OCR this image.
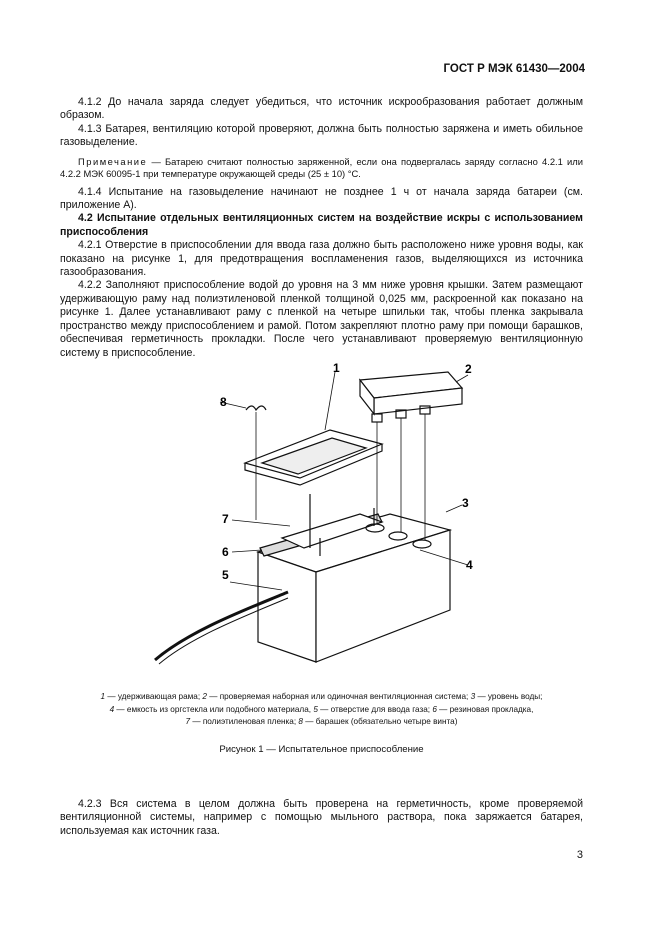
ГОСТ Р МЭК 61430—2004

4.1.2 До начала заряда следует убедиться, что источник искрообразования работает должным образом.

4.1.3 Батарея, вентиляцию которой проверяют, должна быть полностью заряжена и иметь обильное газовыделение.

Примечание — Батарею считают полностью заряженной, если она подвергалась заряду согласно 4.2.1 или 4.2.2 МЭК 60095-1 при температуре окружающей среды (25 ± 10) °С.

4.1.4 Испытание на газовыделение начинают не позднее 1 ч от начала заряда батареи (см. приложение А).

4.2 Испытание отдельных вентиляционных систем на воздействие искры с использованием приспособления

4.2.1 Отверстие в приспособлении для ввода газа должно быть расположено ниже уровня воды, как показано на рисунке 1, для предотвращения воспламенения газов, выделяющихся из источника газообразования.

4.2.2 Заполняют приспособление водой до уровня на 3 мм ниже уровня крышки. Затем размещают удерживающую раму над полиэтиленовой пленкой толщиной 0,025 мм, раскроенной как показано на рисунке 1. Далее устанавливают раму с пленкой на четыре шпильки так, чтобы пленка закрывала пространство между приспособлением и рамой. Потом закрепляют плотно раму при помощи барашков, обеспечивая герметичность прокладки. После чего устанавливают проверяемую вентиляционную систему в приспособление.

1	2
3
4
5
6
7
8
1 — удерживающая рама; 2 — проверяемая наборная или одиночная вентиляционная система; 3 — уровень воды;
4 — емкость из оргстекла или подобного материала, 5 — отверстие для ввода газа; 6 — резиновая прокладка,
7 — полиэтиленовая пленка; 8 — барашек (обязательно четыре винта)
Рисунок 1 — Испытательное приспособление

4.2.3 Вся система в целом должна быть проверена на герметичность, кроме проверяемой вентиляционной системы, например с помощью мыльного раствора, пока заряжается батарея, используемая как источник газа.

3
